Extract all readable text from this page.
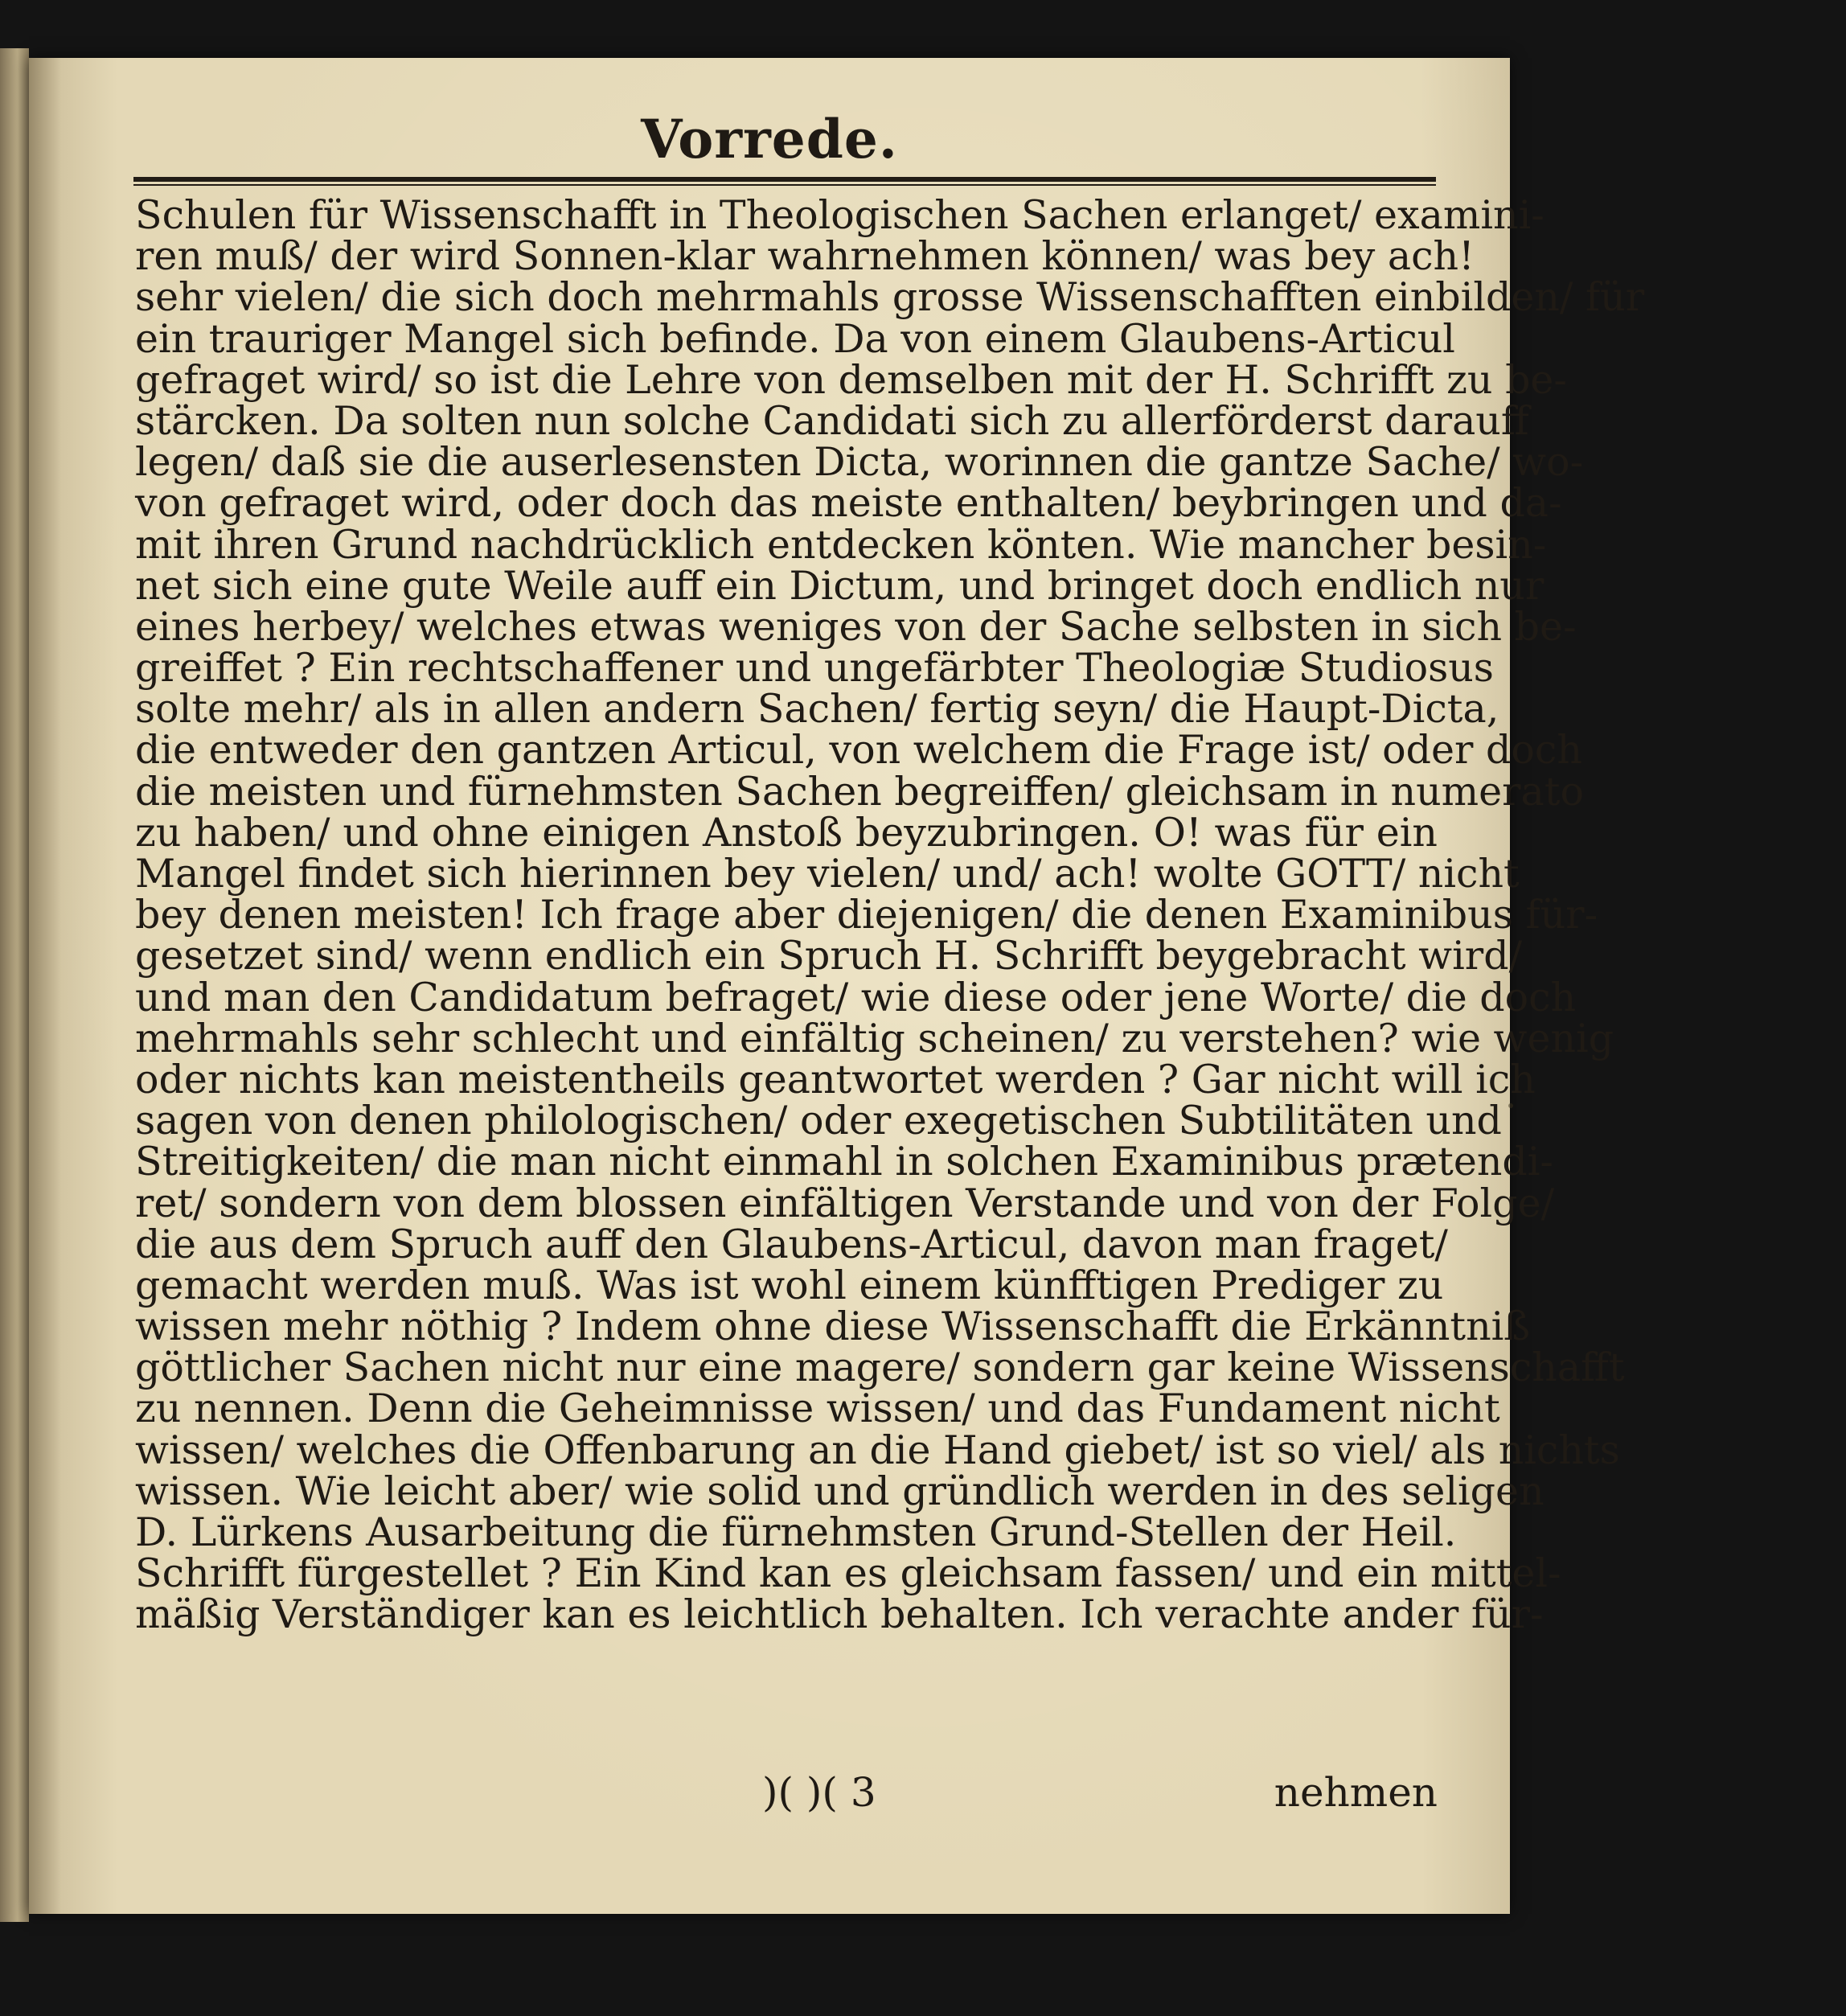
Vorrede.
Schulen für Wissenschafft in Theologischen Sachen erlanget/ examini-
ren muß/ der wird Sonnen-klar wahrnehmen können/ was bey ach!
sehr vielen/ die sich doch mehrmahls grosse Wissenschafften einbilden/ für
ein trauriger Mangel sich befinde. Da von einem Glaubens-Articul
gefraget wird/ so ist die Lehre von demselben mit der H. Schrifft zu be-
stärcken. Da solten nun solche Candidati sich zu allerförderst darauff
legen/ daß sie die auserlesensten Dicta, worinnen die gantze Sache/ wo-
von gefraget wird, oder doch das meiste enthalten/ beybringen und da-
mit ihren Grund nachdrücklich entdecken könten. Wie mancher besin-
net sich eine gute Weile auff ein Dictum, und bringet doch endlich nur
eines herbey/ welches etwas weniges von der Sache selbsten in sich be-
greiffet ? Ein rechtschaffener und ungefärbter Theologiæ Studiosus
solte mehr/ als in allen andern Sachen/ fertig seyn/ die Haupt-Dicta,
die entweder den gantzen Articul, von welchem die Frage ist/ oder doch
die meisten und fürnehmsten Sachen begreiffen/ gleichsam in numerato
zu haben/ und ohne einigen Anstoß beyzubringen. O! was für ein
Mangel findet sich hierinnen bey vielen/ und/ ach! wolte GOTT/ nicht
bey denen meisten! Ich frage aber diejenigen/ die denen Examinibus für-
gesetzet sind/ wenn endlich ein Spruch H. Schrifft beygebracht wird/
und man den Candidatum befraget/ wie diese oder jene Worte/ die doch
mehrmahls sehr schlecht und einfältig scheinen/ zu verstehen? wie wenig
oder nichts kan meistentheils geantwortet werden ? Gar nicht will ich
sagen von denen philologischen/ oder exegetischen Subtilitäten und
Streitigkeiten/ die man nicht einmahl in solchen Examinibus prætendi-
ret/ sondern von dem blossen einfältigen Verstande und von der Folge/
die aus dem Spruch auff den Glaubens-Articul, davon man fraget/
gemacht werden muß. Was ist wohl einem künfftigen Prediger zu
wissen mehr nöthig ? Indem ohne diese Wissenschafft die Erkänntniß
göttlicher Sachen nicht nur eine magere/ sondern gar keine Wissenschafft
zu nennen. Denn die Geheimnisse wissen/ und das Fundament nicht
wissen/ welches die Offenbarung an die Hand giebet/ ist so viel/ als nichts
wissen. Wie leicht aber/ wie solid und gründlich werden in des seligen
D. Lürkens Ausarbeitung die fürnehmsten Grund-Stellen der Heil.
Schrifft fürgestellet ? Ein Kind kan es gleichsam fassen/ und ein mittel-
mäßig Verständiger kan es leichtlich behalten. Ich verachte ander für-
)( )( 3	nehmen
